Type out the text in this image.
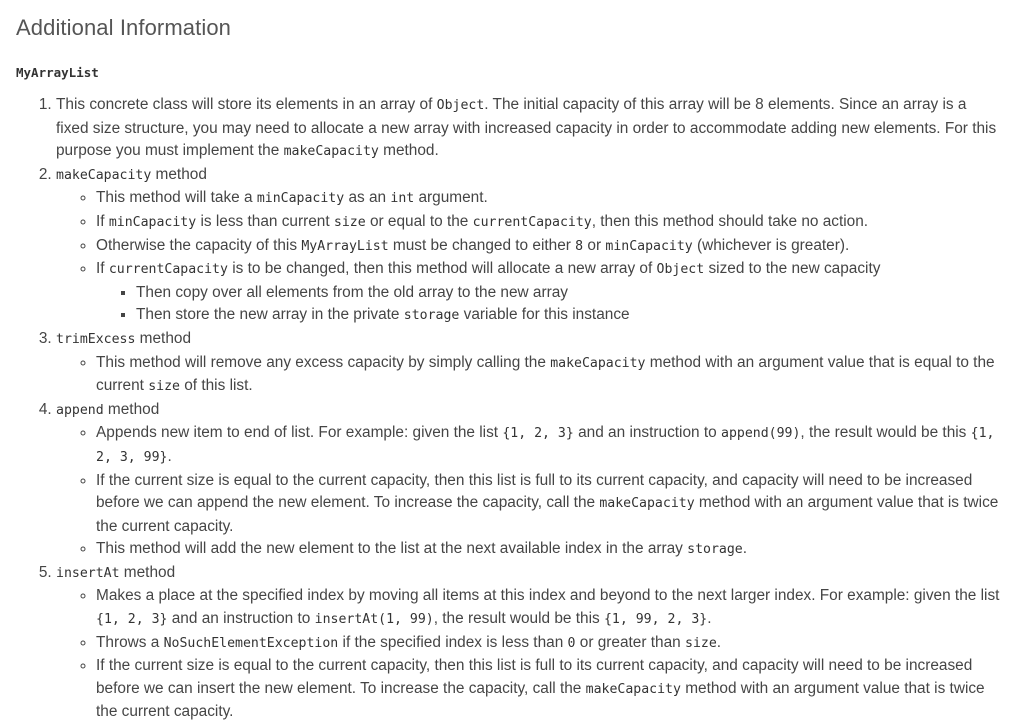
Additional Information
MyArrayList
1. This concrete class will store its elements in an array of Object. The initial capacity of this array will be 8 elements. Since an array is a fixed size structure, you may need to allocate a new array with increased capacity in order to accommodate adding new elements. For this purpose you must implement the makeCapacity method.
2. makeCapacity method
◦ This method will take a minCapacity as an int argument.
◦ If minCapacity is less than current size or equal to the currentCapacity, then this method should take no action.
◦ Otherwise the capacity of this MyArrayList must be changed to either 8 or minCapacity (whichever is greater).
◦ If currentCapacity is to be changed, then this method will allocate a new array of Object sized to the new capacity
▪ Then copy over all elements from the old array to the new array
▪ Then store the new array in the private storage variable for this instance
3. trimExcess method
◦ This method will remove any excess capacity by simply calling the makeCapacity method with an argument value that is equal to the current size of this list.
4. append method
◦ Appends new item to end of list. For example: given the list {1, 2, 3} and an instruction to append(99), the result would be this {1, 2, 3, 99}.
◦ If the current size is equal to the current capacity, then this list is full to its current capacity, and capacity will need to be increased before we can append the new element. To increase the capacity, call the makeCapacity method with an argument value that is twice the current capacity.
◦ This method will add the new element to the list at the next available index in the array storage.
5. insertAt method
◦ Makes a place at the specified index by moving all items at this index and beyond to the next larger index. For example: given the list {1, 2, 3} and an instruction to insertAt(1, 99), the result would be this {1, 99, 2, 3}.
◦ Throws a NoSuchElementException if the specified index is less than 0 or greater than size.
◦ If the current size is equal to the current capacity, then this list is full to its current capacity, and capacity will need to be increased before we can insert the new element. To increase the capacity, call the makeCapacity method with an argument value that is twice the current capacity.
